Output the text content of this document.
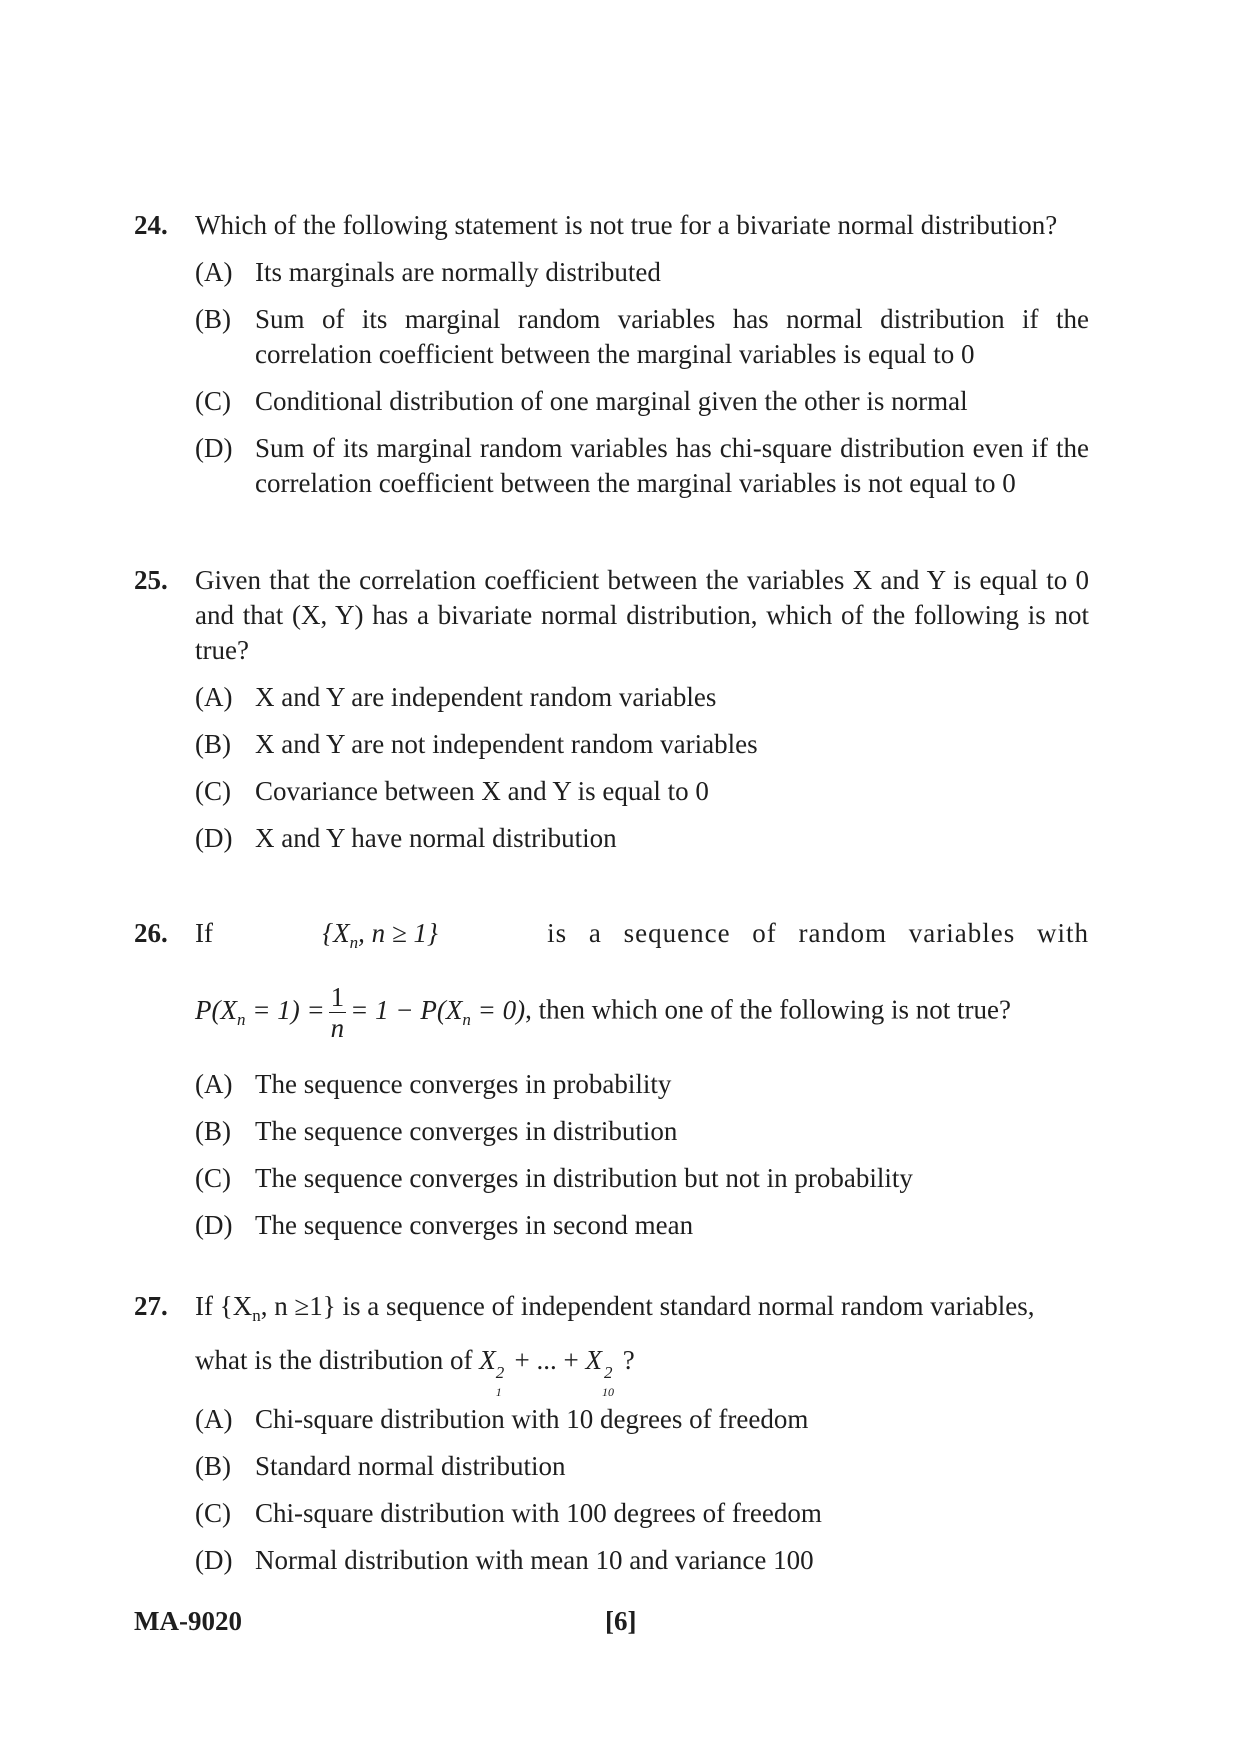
24. Which of the following statement is not true for a bivariate normal distribution?
(A) Its marginals are normally distributed
(B) Sum of its marginal random variables has normal distribution if the correlation coefficient between the marginal variables is equal to 0
(C) Conditional distribution of one marginal given the other is normal
(D) Sum of its marginal random variables has chi-square distribution even if the correlation coefficient between the marginal variables is not equal to 0
25. Given that the correlation coefficient between the variables X and Y is equal to 0 and that (X, Y) has a bivariate normal distribution, which of the following is not true?
(A) X and Y are independent random variables
(B) X and Y are not independent random variables
(C) Covariance between X and Y is equal to 0
(D) X and Y have normal distribution
26. If	{$X_n$, n ≥ 1}	is a sequence of random variables with
$P(X_n = 1) = \frac{1}{n} = 1 - P(X_n = 0)$, then which one of the following is not true?
(A) The sequence converges in probability
(B) The sequence converges in distribution
(C) The sequence converges in distribution but not in probability
(D) The sequence converges in second mean
27. If {$X_n$, n ≥1} is a sequence of independent standard normal random variables,
what is the distribution of X 2
1
+ ... + X 2
10
?
(A) Chi-square distribution with 10 degrees of freedom
(B) Standard normal distribution
(C) Chi-square distribution with 100 degrees of freedom
(D) Normal distribution with mean 10 and variance 100
MA-9020	[6]
